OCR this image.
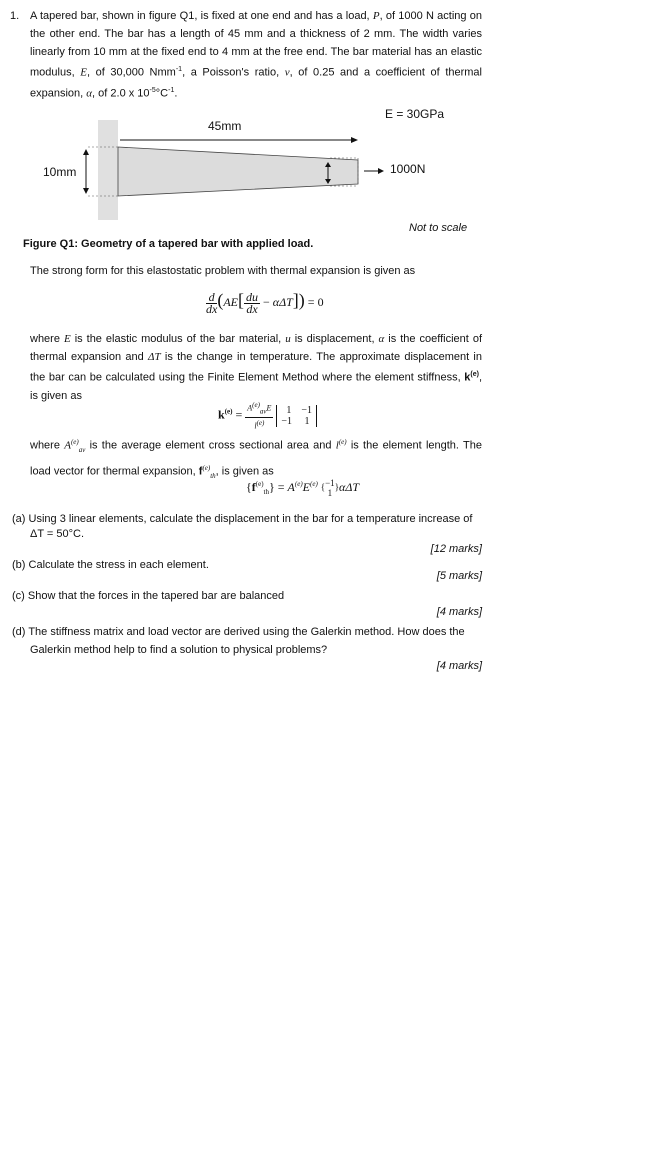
1. A tapered bar, shown in figure Q1, is fixed at one end and has a load, P, of 1000 N acting on the other end. The bar has a length of 45 mm and a thickness of 2 mm. The width varies linearly from 10 mm at the fixed end to 4 mm at the free end. The bar material has an elastic modulus, E, of 30,000 Nmm$^{-1}$, a Poisson's ratio, ν, of 0.25 and a coefficient of thermal expansion, α, of 2.0 x $10^{-5}^\circ C^{-1}$.
E = 30GPa
45mm
10mm	1000N
Not to scale
Figure Q1: Geometry of a tapered bar with applied load.
The strong form for this elastostatic problem with thermal expansion is given as
$\frac{d}{dx} (AE[ \frac{du}{dx} - \alpha\Delta T]) = 0$
where E is the elastic modulus of the bar material, u is displacement, α is the coefficient of thermal expansion and ΔT is the change in temperature. The approximate displacement in the bar can be calculated using the Finite Element Method where the element stiffness, $k^{(e)}$, is given as
$k^{(e)} = \frac{A^{(e)}_{av}E}{l^{(e)}}$
1    −1
−1     1
where $A^{(e)}_{av}$ is the average element cross sectional area and $l^{(e)}$ is the element length. The load vector for thermal expansion, $f^{(e)}_{th}$, is given as
$\{f^{(e)}_{th}\} = A^{(e)}E^{(e)}$ { −1
1
}αΔT
(a) Using 3 linear elements, calculate the displacement in the bar for a temperature increase of
ΔT = 50°C.
[12 marks]
(b) Calculate the stress in each element.
[5 marks]
(c) Show that the forces in the tapered bar are balanced
[4 marks]
(d) The stiffness matrix and load vector are derived using the Galerkin method. How does the
Galerkin method help to find a solution to physical problems?
[4 marks]
